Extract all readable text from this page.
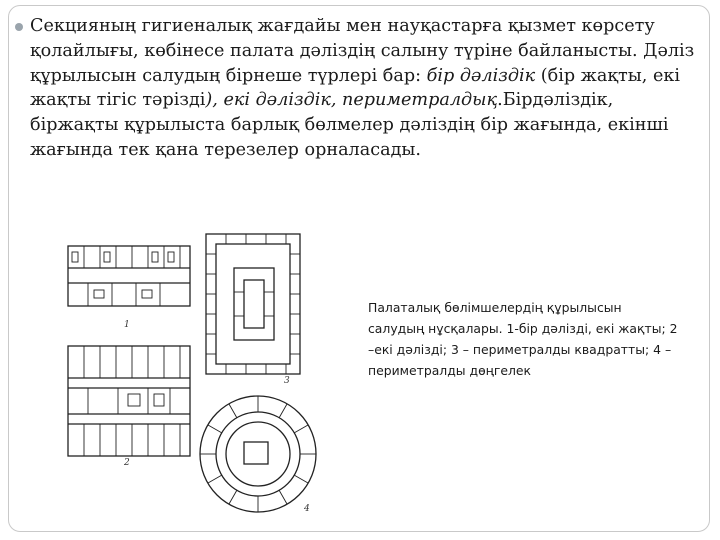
Секцияның гигиеналық жағдайы мен науқастарға қызмет көрсету қолайлығы, көбінесе палата дәліздің салыну түріне байланысты. Дәліз құрылысын салудың бірнеше түрлері бар: бір дәліздік (бір жақты, екі жақты тігіс тәрізді), екі дәліздік, периметралдық.Бірдәліздік, біржақты құрылыста барлық бөлмелер дәліздің бір жағында, екінші жағында тек қана терезелер орналасады.
1
2
3
4
Палаталық бөлімшелердің құрылысын салудың нұсқалары. 1-бір дәлізді, екі жақты; 2 –екі дәлізді; 3 – периметралды квадратты; 4 – периметралды дөңгелек
